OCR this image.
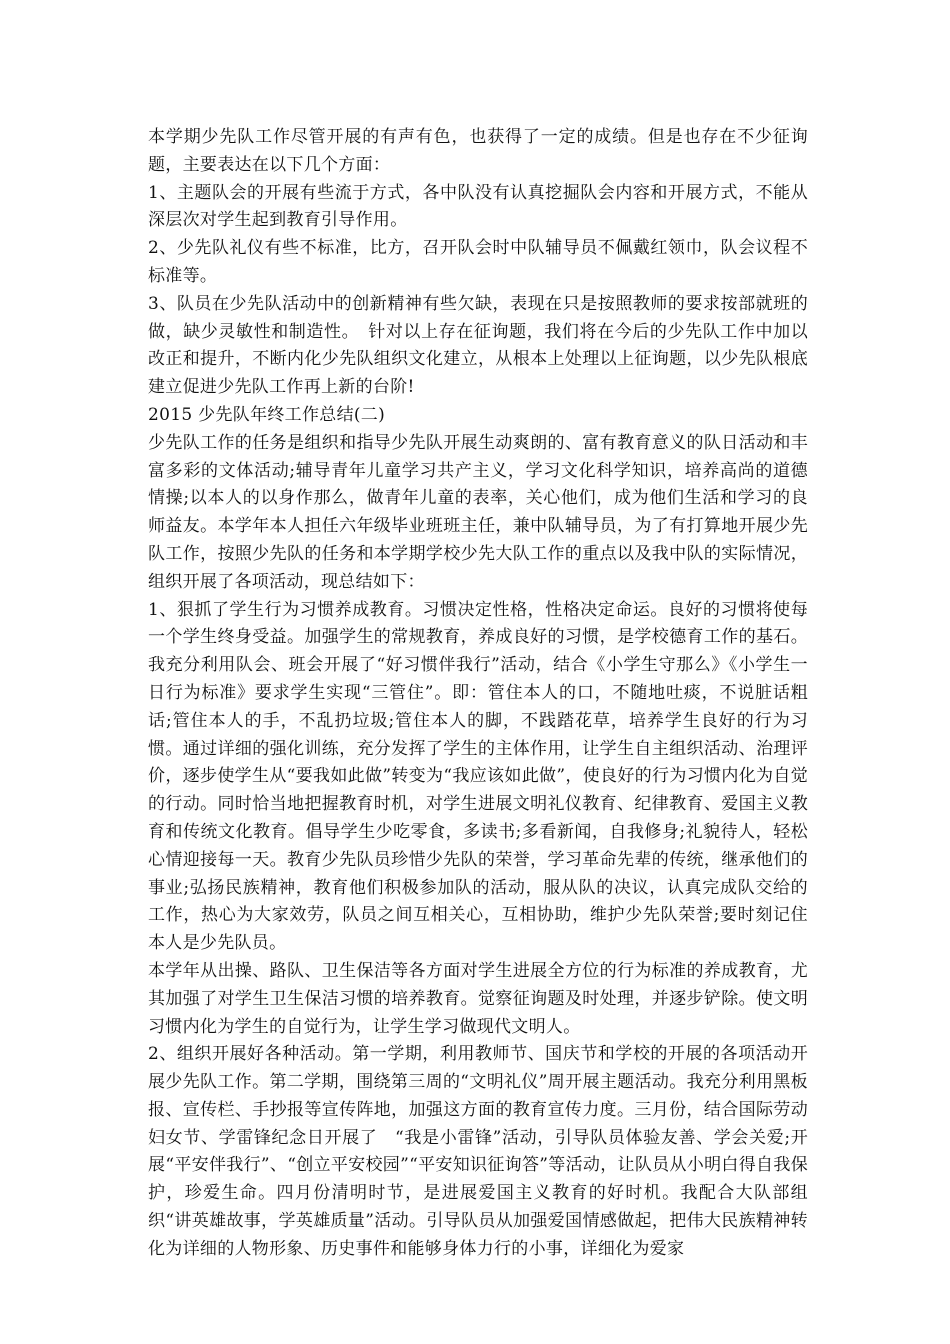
本学期少先队工作尽管开展的有声有色，也获得了一定的成绩。但是也存在不少征询题，主要表达在以下几个方面：

1、主题队会的开展有些流于方式，各中队没有认真挖掘队会内容和开展方式，不能从深层次对学生起到教育引导作用。

2、少先队礼仪有些不标准，比方，召开队会时中队辅导员不佩戴红领巾，队会议程不标准等。

3、队员在少先队活动中的创新精神有些欠缺，表现在只是按照教师的要求按部就班的做，缺少灵敏性和制造性。　针对以上存在征询题，我们将在今后的少先队工作中加以改正和提升，不断内化少先队组织文化建立，从根本上处理以上征询题，以少先队根底建立促进少先队工作再上新的台阶!

2015 少先队年终工作总结(二)

少先队工作的任务是组织和指导少先队开展生动爽朗的、富有教育意义的队日活动和丰富多彩的文体活动;辅导青年儿童学习共产主义，学习文化科学知识，培养高尚的道德情操;以本人的以身作那么，做青年儿童的表率，关心他们，成为他们生活和学习的良师益友。本学年本人担任六年级毕业班班主任，兼中队辅导员，为了有打算地开展少先队工作，按照少先队的任务和本学期学校少先大队工作的重点以及我中队的实际情况，组织开展了各项活动，现总结如下：

1、狠抓了学生行为习惯养成教育。习惯决定性格，性格决定命运。良好的习惯将使每一个学生终身受益。加强学生的常规教育，养成良好的习惯，是学校德育工作的基石。我充分利用队会、班会开展了“好习惯伴我行”活动，结合《小学生守那么》《小学生一日行为标准》要求学生实现“三管住”。即：管住本人的口，不随地吐痰，不说脏话粗话;管住本人的手，不乱扔垃圾;管住本人的脚，不践踏花草，培养学生良好的行为习惯。通过详细的强化训练，充分发挥了学生的主体作用，让学生自主组织活动、治理评价，逐步使学生从“要我如此做”转变为“我应该如此做”，使良好的行为习惯内化为自觉的行动。同时恰当地把握教育时机，对学生进展文明礼仪教育、纪律教育、爱国主义教育和传统文化教育。倡导学生少吃零食，多读书;多看新闻，自我修身;礼貌待人，轻松心情迎接每一天。教育少先队员珍惜少先队的荣誉，学习革命先辈的传统，继承他们的事业;弘扬民族精神，教育他们积极参加队的活动，服从队的决议，认真完成队交给的工作，热心为大家效劳，队员之间互相关心，互相协助，维护少先队荣誉;要时刻记住本人是少先队员。

本学年从出操、路队、卫生保洁等各方面对学生进展全方位的行为标准的养成教育，尤其加强了对学生卫生保洁习惯的培养教育。觉察征询题及时处理，并逐步铲除。使文明习惯内化为学生的自觉行为，让学生学习做现代文明人。

2、组织开展好各种活动。第一学期，利用教师节、国庆节和学校的开展的各项活动开展少先队工作。第二学期，围绕第三周的“文明礼仪”周开展主题活动。我充分利用黑板报、宣传栏、手抄报等宣传阵地，加强这方面的教育宣传力度。三月份，结合国际劳动妇女节、学雷锋纪念日开展了　“我是小雷锋”活动，引导队员体验友善、学会关爱;开展“平安伴我行”、“创立平安校园”“平安知识征询答”等活动，让队员从小明白得自我保护，珍爱生命。四月份清明时节，是进展爱国主义教育的好时机。我配合大队部组织“讲英雄故事，学英雄质量”活动。引导队员从加强爱国情感做起，把伟大民族精神转化为详细的人物形象、历史事件和能够身体力行的小事，详细化为爱家
